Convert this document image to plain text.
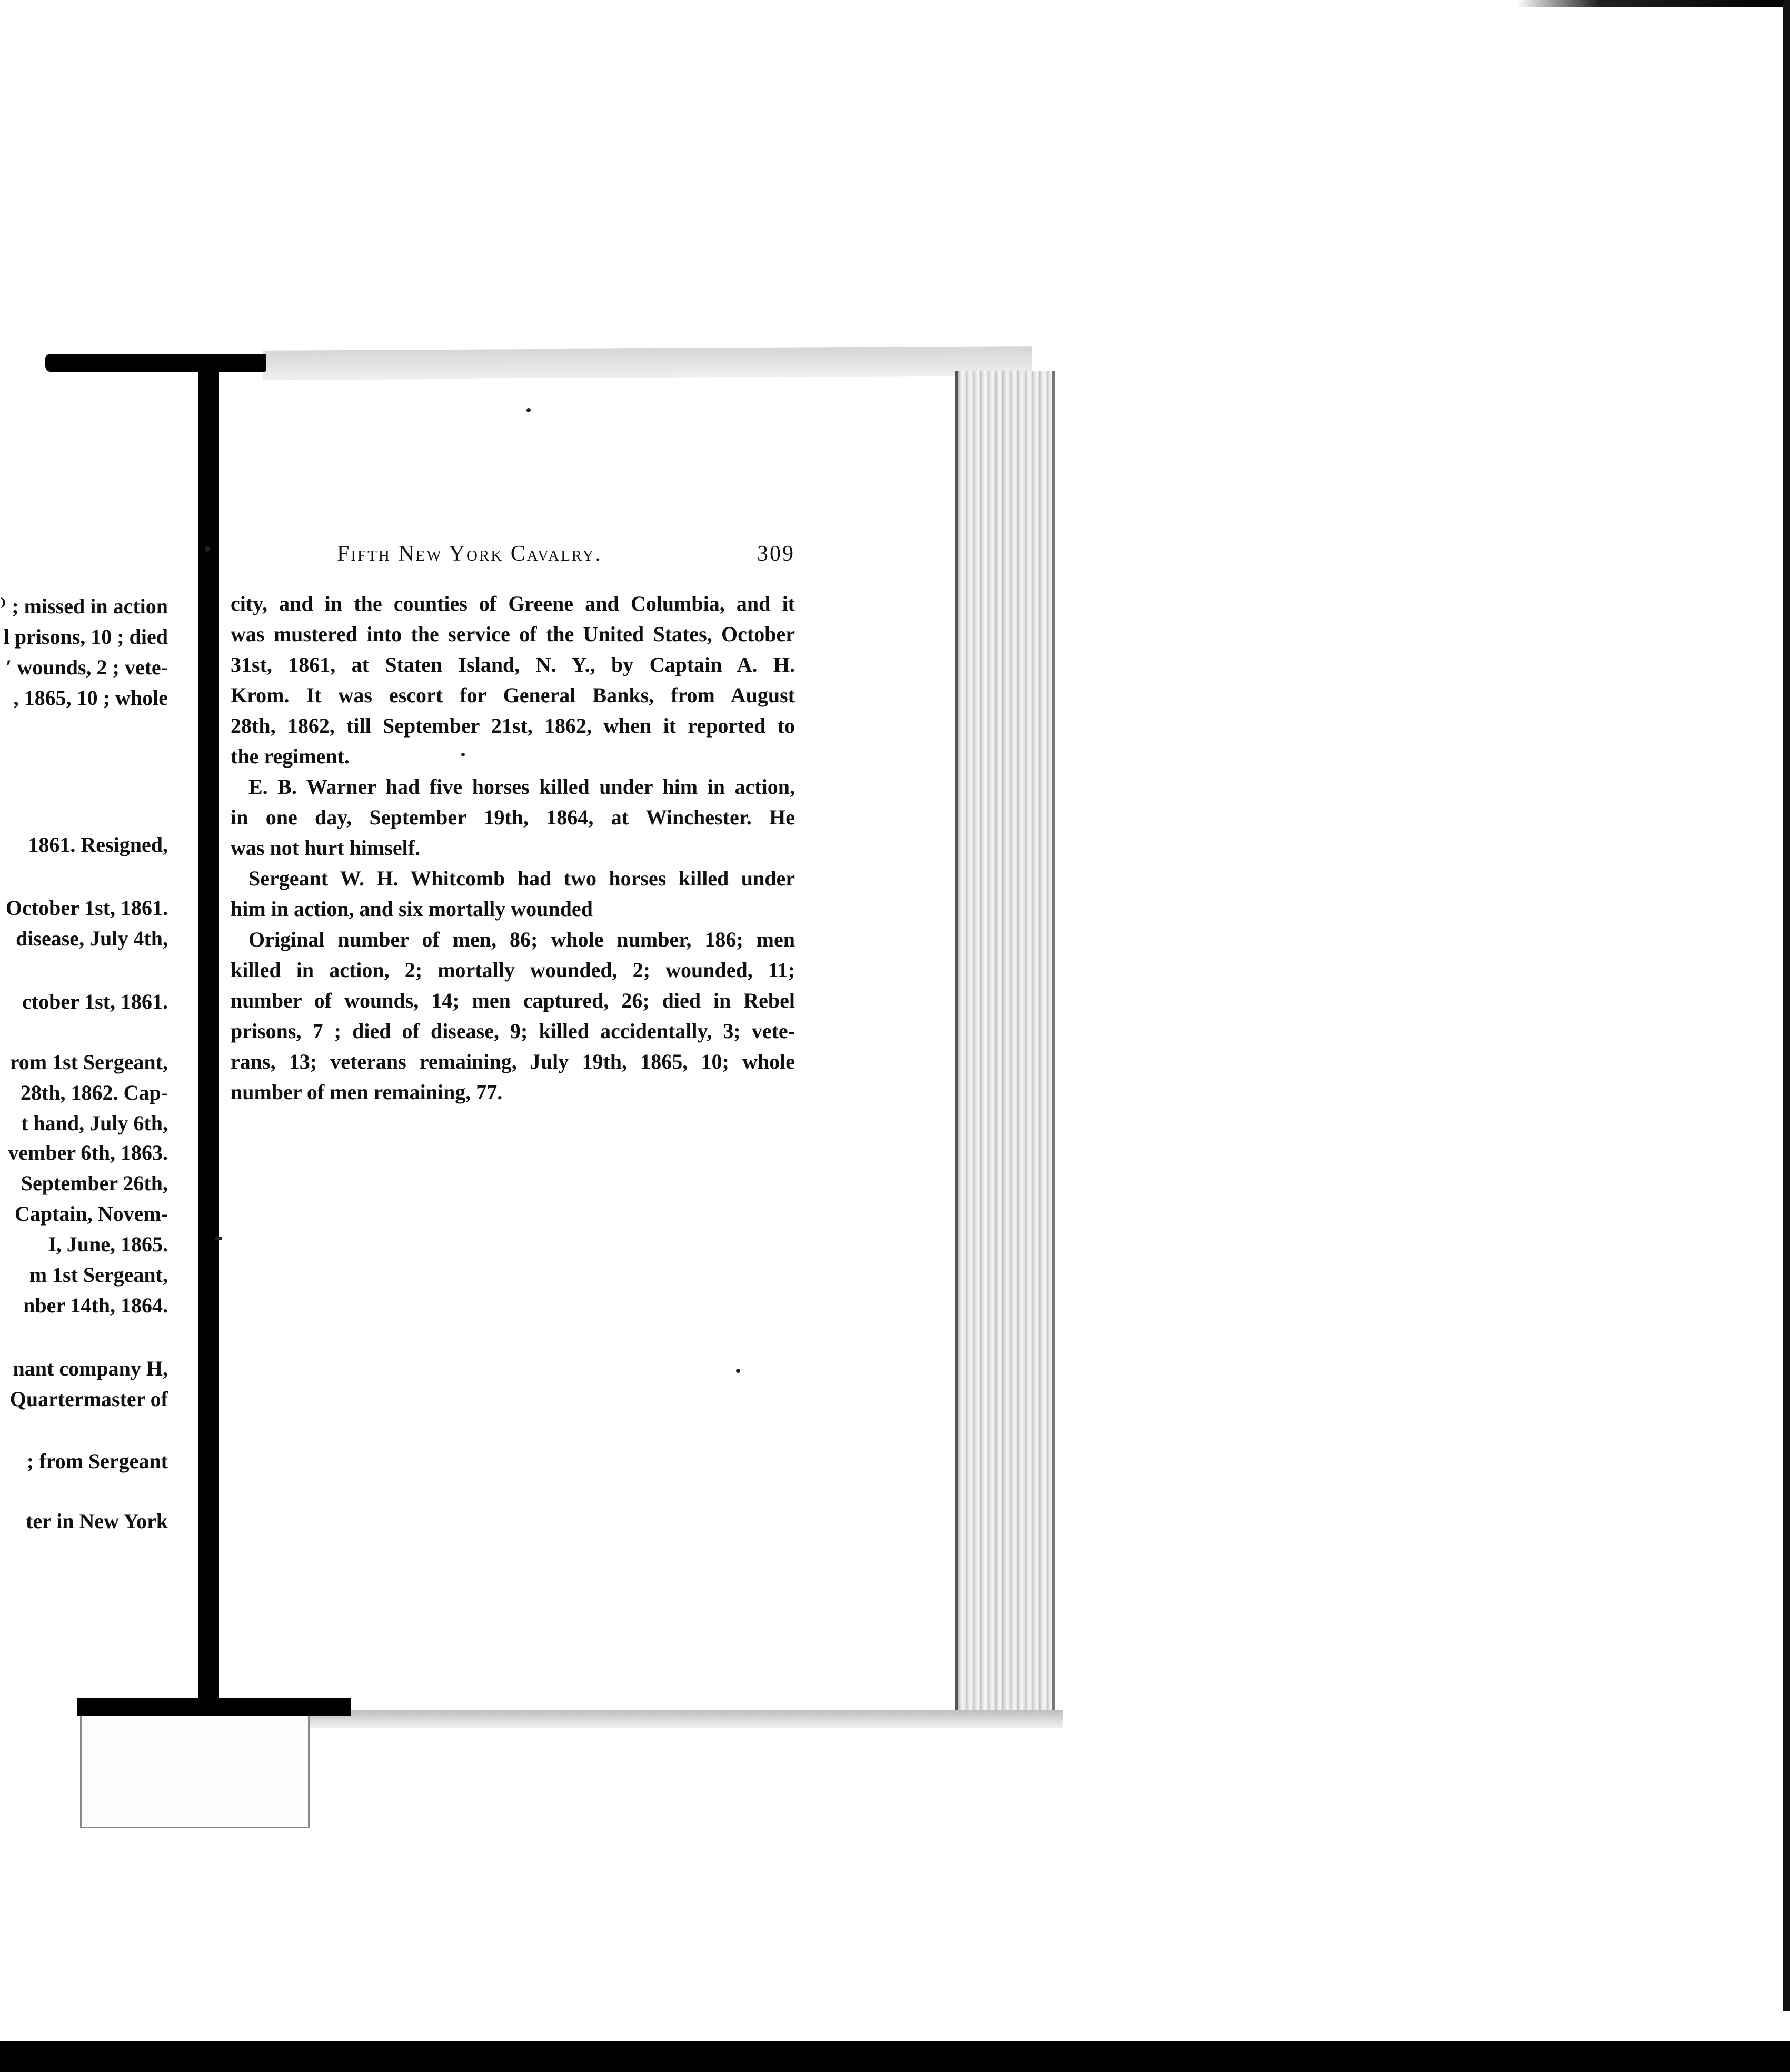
⁾ ; missed in action
l prisons, 10 ; died
ʹ wounds, 2 ; vete-
, 1865, 10 ; whole
1861. Resigned,
October 1st, 1861.
disease, July 4th,
ctober 1st, 1861.
rom 1st Sergeant,
28th, 1862. Cap-
t hand, July 6th,
vember 6th, 1863.
September 26th,
Captain, Novem-
I, June, 1865.
m 1st Sergeant,
nber 14th, 1864.
nant company H,
Quartermaster of
; from Sergeant
ter in New York
Fifth New York Cavalry.	309
city, and in the counties of Greene and Columbia, and it
was mustered into the service of the United States, October
31st, 1861, at Staten Island, N. Y., by Captain A. H.
Krom. It was escort for General Banks, from August
28th, 1862, till September 21st, 1862, when it reported to
the regiment.
E. B. Warner had five horses killed under him in action,
in one day, September 19th, 1864, at Winchester. He
was not hurt himself.
Sergeant W. H. Whitcomb had two horses killed under
him in action, and six mortally wounded
Original number of men, 86; whole number, 186; men
killed in action, 2; mortally wounded, 2; wounded, 11;
number of wounds, 14; men captured, 26; died in Rebel
prisons, 7 ; died of disease, 9; killed accidentally, 3; vete-
rans, 13; veterans remaining, July 19th, 1865, 10; whole
number of men remaining, 77.
